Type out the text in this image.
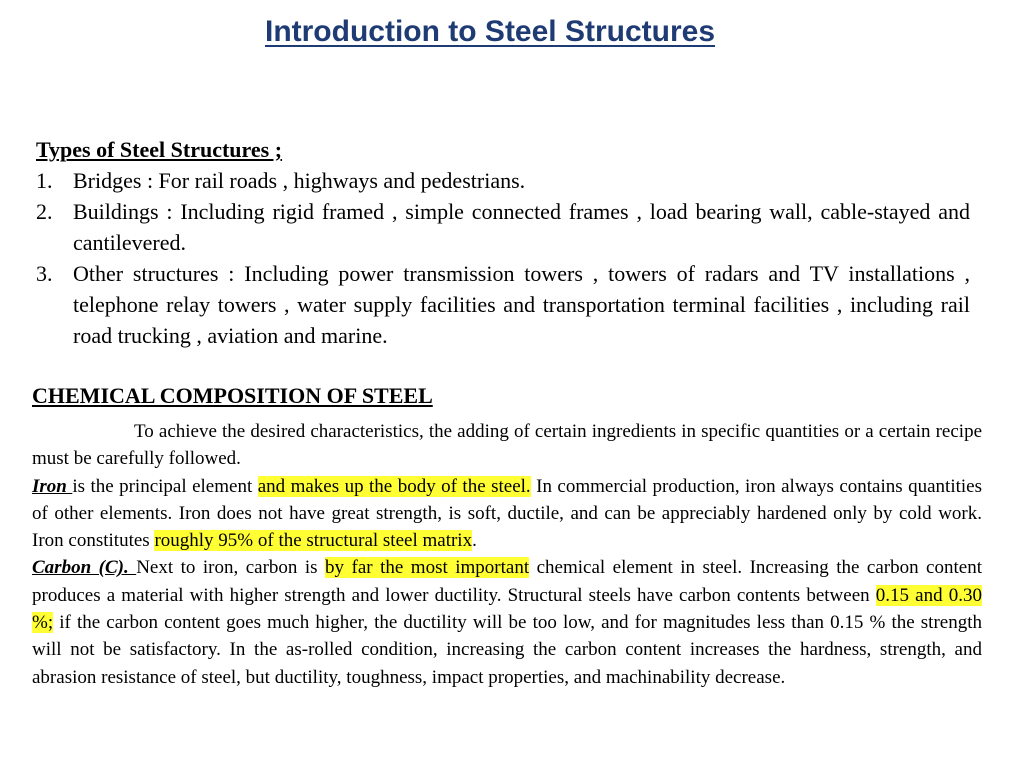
Introduction to Steel Structures
Types of Steel Structures ;
1. Bridges : For rail roads , highways and pedestrians.
2. Buildings : Including rigid framed , simple connected frames , load bearing wall, cable-stayed and cantilevered.
3. Other structures : Including power transmission towers , towers of radars and TV installations , telephone relay towers , water supply facilities and transportation terminal facilities , including rail road trucking , aviation and marine.
CHEMICAL COMPOSITION OF STEEL

To achieve the desired characteristics, the adding of certain ingredients in specific quantities or a certain recipe must be carefully followed.

Iron is the principal element and makes up the body of the steel. In commercial production, iron always contains quantities of other elements. Iron does not have great strength, is soft, ductile, and can be appreciably hardened only by cold work. Iron constitutes roughly 95% of the structural steel matrix.

Carbon (C). Next to iron, carbon is by far the most important chemical element in steel. Increasing the carbon content produces a material with higher strength and lower ductility. Structural steels have carbon contents between 0.15 and 0.30 %; if the carbon content goes much higher, the ductility will be too low, and for magnitudes less than 0.15 % the strength will not be satisfactory. In the as-rolled condition, increasing the carbon content increases the hardness, strength, and abrasion resistance of steel, but ductility, toughness, impact properties, and machinability decrease.
